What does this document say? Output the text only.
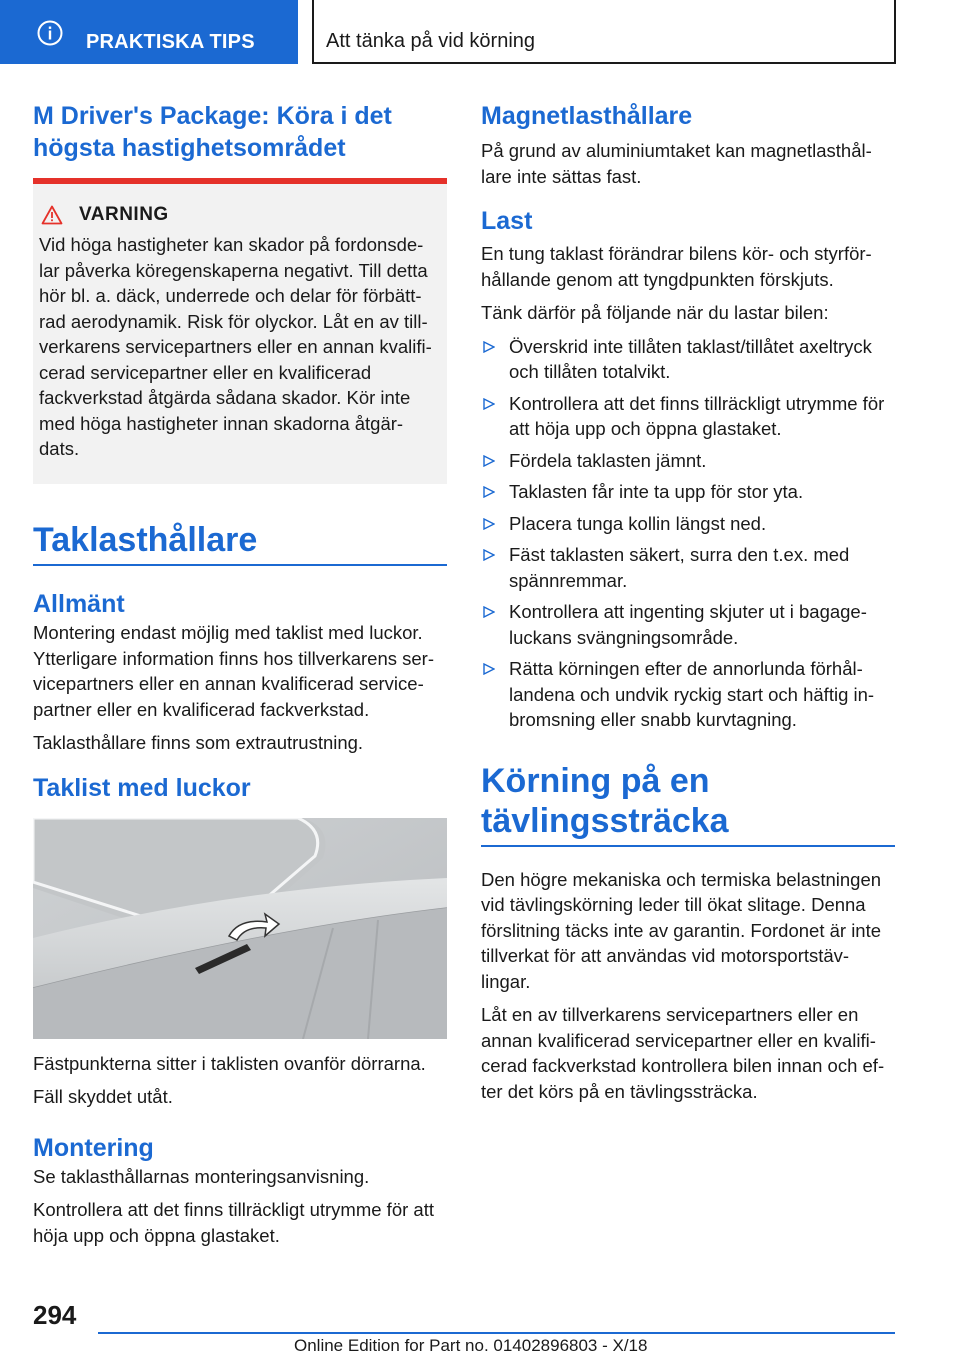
PRAKTISKA TIPS	Att tänka på vid körning
M Driver's Package: Köra i det
högsta hastighetsområdet
VARNING
Vid höga hastigheter kan skador på fordonsde-lar påverka köregenskaperna negativt. Till detta hör bl. a. däck, underrede och delar för förbätt-rad aerodynamik. Risk för olyckor. Låt en av till-verkarens servicepartners eller en annan kvalifi-cerad servicepartner eller en kvalificerad fackverkstad åtgärda sådana skador. Kör inte med höga hastigheter innan skadorna åtgär-dats.
Taklasthållare
Allmänt
Montering endast möjlig med taklist med luckor. Ytterligare information finns hos tillverkarens ser-vicepartners eller en annan kvalificerad service-partner eller en kvalificerad fackverkstad.
Taklasthållare finns som extrautrustning.
Taklist med luckor
Fästpunkterna sitter i taklisten ovanför dörrarna.
Fäll skyddet utåt.
Montering
Se taklasthållarnas monteringsanvisning.
Kontrollera att det finns tillräckligt utrymme för att höja upp och öppna glastaket.
Magnetlasthållare
På grund av aluminiumtaket kan magnetlasthål-lare inte sättas fast.
Last
En tung taklast förändrar bilens kör- och styrför-hållande genom att tyngdpunkten förskjuts.
Tänk därför på följande när du lastar bilen:
Överskrid inte tillåten taklast/tillåtet axeltryck och tillåten totalvikt.
Kontrollera att det finns tillräckligt utrymme för att höja upp och öppna glastaket.
Fördela taklasten jämnt.
Taklasten får inte ta upp för stor yta.
Placera tunga kollin längst ned.
Fäst taklasten säkert, surra den t.ex. med spännremmar.
Kontrollera att ingenting skjuter ut i bagage-luckans svängningsområde.
Rätta körningen efter de annorlunda förhål-landena och undvik ryckig start och häftig in-bromsning eller snabb kurvtagning.
Körning på en
tävlingssträcka
Den högre mekaniska och termiska belastningen vid tävlingskörning leder till ökat slitage. Denna förslitning täcks inte av garantin. Fordonet är inte tillverkat för att användas vid motorsportstäv-lingar.
Låt en av tillverkarens servicepartners eller en annan kvalificerad servicepartner eller en kvalifi-cerad fackverkstad kontrollera bilen innan och ef-ter det körs på en tävlingssträcka.
294
Online Edition for Part no. 01402896803 - X/18
